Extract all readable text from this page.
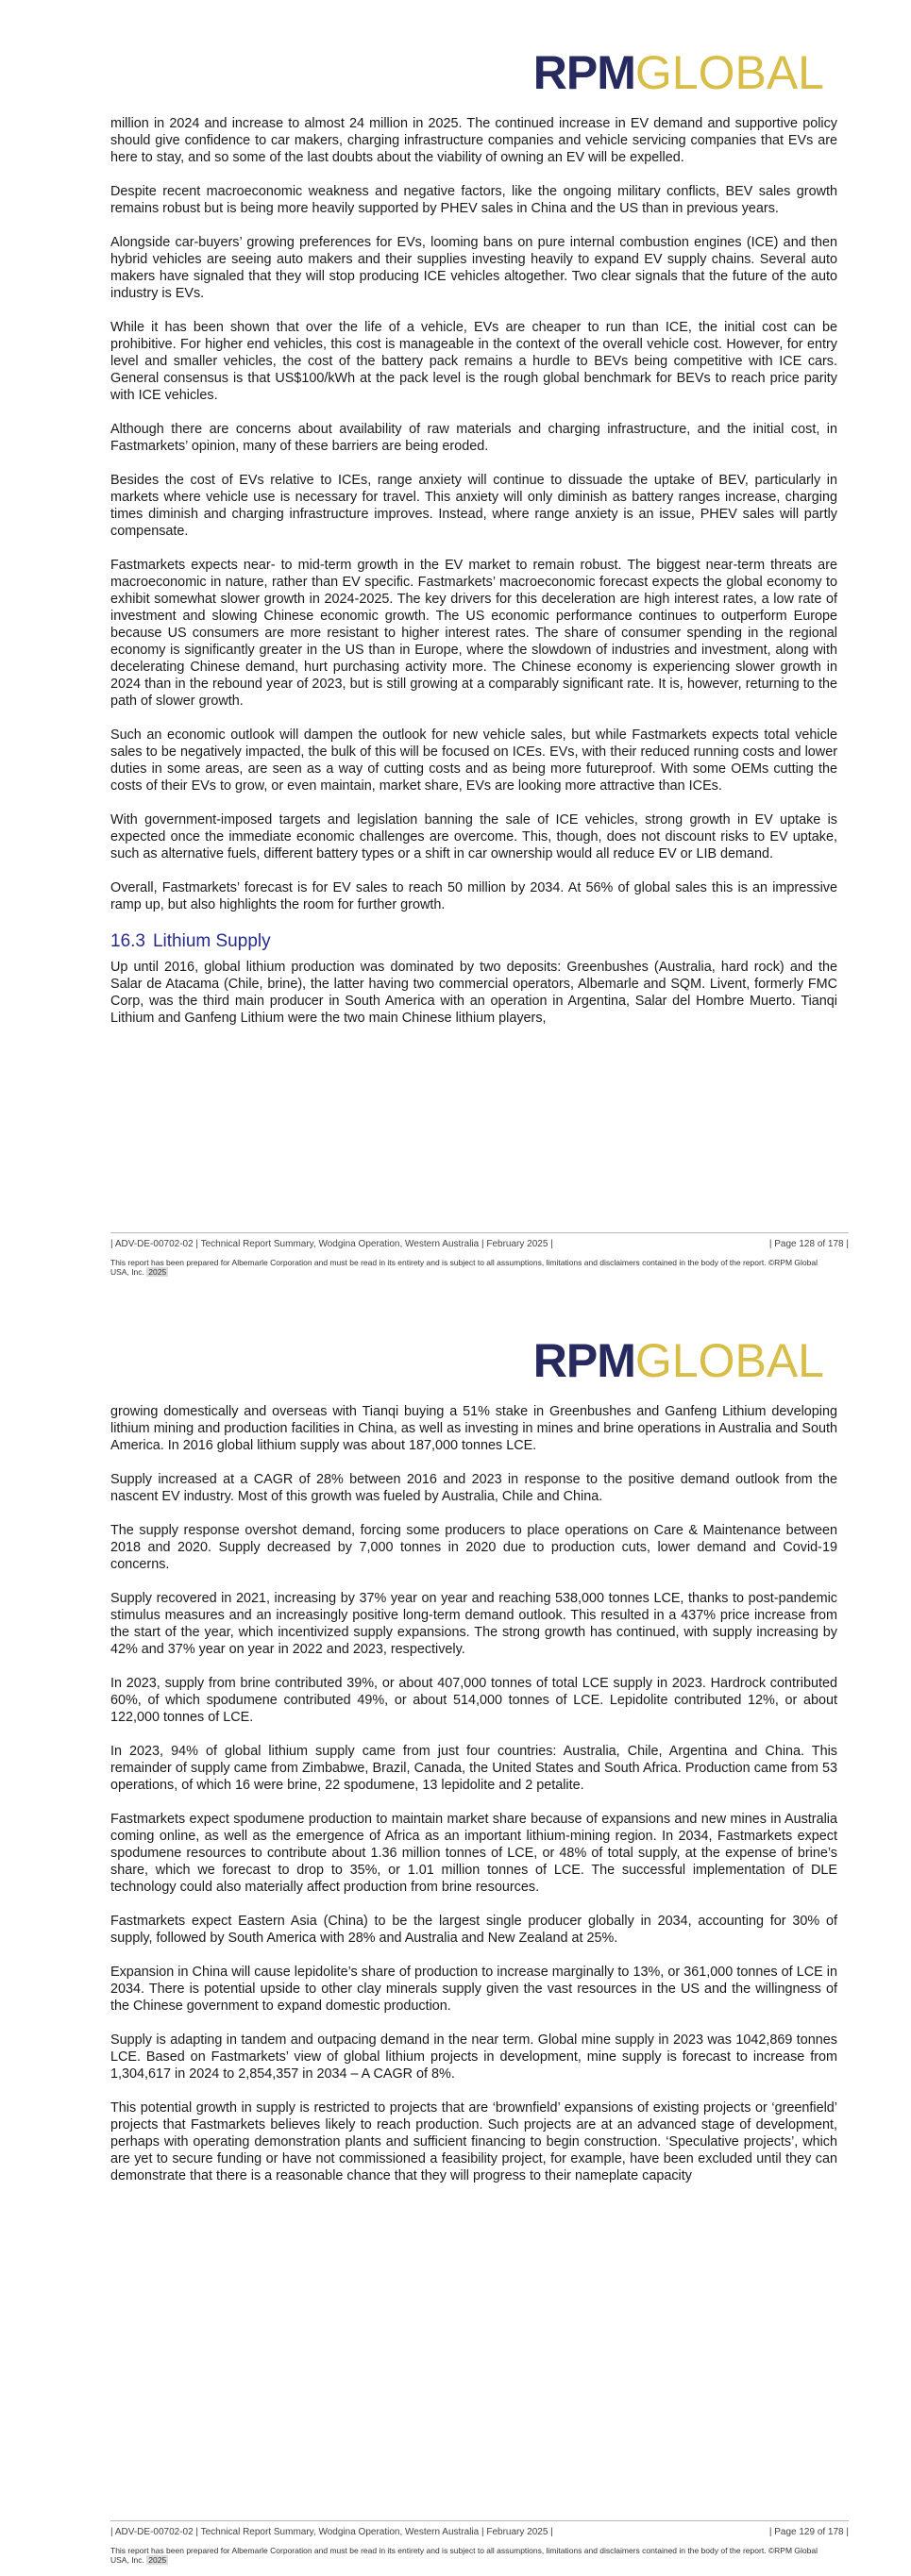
RPMGLOBAL

million in 2024 and increase to almost 24 million in 2025. The continued increase in EV demand and supportive policy should give confidence to car makers, charging infrastructure companies and vehicle servicing companies that EVs are here to stay, and so some of the last doubts about the viability of owning an EV will be expelled.

Despite recent macroeconomic weakness and negative factors, like the ongoing military conflicts, BEV sales growth remains robust but is being more heavily supported by PHEV sales in China and the US than in previous years.

Alongside car-buyers’ growing preferences for EVs, looming bans on pure internal combustion engines (ICE) and then hybrid vehicles are seeing auto makers and their supplies investing heavily to expand EV supply chains. Several auto makers have signaled that they will stop producing ICE vehicles altogether. Two clear signals that the future of the auto industry is EVs.

While it has been shown that over the life of a vehicle, EVs are cheaper to run than ICE, the initial cost can be prohibitive. For higher end vehicles, this cost is manageable in the context of the overall vehicle cost. However, for entry level and smaller vehicles, the cost of the battery pack remains a hurdle to BEVs being competitive with ICE cars. General consensus is that US$100/kWh at the pack level is the rough global benchmark for BEVs to reach price parity with ICE vehicles.

Although there are concerns about availability of raw materials and charging infrastructure, and the initial cost, in Fastmarkets’ opinion, many of these barriers are being eroded.

Besides the cost of EVs relative to ICEs, range anxiety will continue to dissuade the uptake of BEV, particularly in markets where vehicle use is necessary for travel. This anxiety will only diminish as battery ranges increase, charging times diminish and charging infrastructure improves. Instead, where range anxiety is an issue, PHEV sales will partly compensate.

Fastmarkets expects near- to mid-term growth in the EV market to remain robust. The biggest near-term threats are macroeconomic in nature, rather than EV specific. Fastmarkets’ macroeconomic forecast expects the global economy to exhibit somewhat slower growth in 2024-2025. The key drivers for this deceleration are high interest rates, a low rate of investment and slowing Chinese economic growth. The US economic performance continues to outperform Europe because US consumers are more resistant to higher interest rates. The share of consumer spending in the regional economy is significantly greater in the US than in Europe, where the slowdown of industries and investment, along with decelerating Chinese demand, hurt purchasing activity more. The Chinese economy is experiencing slower growth in 2024 than in the rebound year of 2023, but is still growing at a comparably significant rate. It is, however, returning to the path of slower growth.

Such an economic outlook will dampen the outlook for new vehicle sales, but while Fastmarkets expects total vehicle sales to be negatively impacted, the bulk of this will be focused on ICEs. EVs, with their reduced running costs and lower duties in some areas, are seen as a way of cutting costs and as being more futureproof. With some OEMs cutting the costs of their EVs to grow, or even maintain, market share, EVs are looking more attractive than ICEs.

With government-imposed targets and legislation banning the sale of ICE vehicles, strong growth in EV uptake is expected once the immediate economic challenges are overcome. This, though, does not discount risks to EV uptake, such as alternative fuels, different battery types or a shift in car ownership would all reduce EV or LIB demand.

Overall, Fastmarkets’ forecast is for EV sales to reach 50 million by 2034. At 56% of global sales this is an impressive ramp up, but also highlights the room for further growth.

16.3 Lithium Supply

Up until 2016, global lithium production was dominated by two deposits: Greenbushes (Australia, hard rock) and the Salar de Atacama (Chile, brine), the latter having two commercial operators, Albemarle and SQM. Livent, formerly FMC Corp, was the third main producer in South America with an operation in Argentina, Salar del Hombre Muerto. Tianqi Lithium and Ganfeng Lithium were the two main Chinese lithium players,

| ADV-DE-00702-02 | Technical Report Summary, Wodgina Operation, Western Australia | February 2025 |	| Page 128 of 178 |
This report has been prepared for Albemarle Corporation and must be read in its entirety and is subject to all assumptions, limitations and disclaimers contained in the body of the report. ©RPM Global USA, Inc. 2025
RPMGLOBAL

growing domestically and overseas with Tianqi buying a 51% stake in Greenbushes and Ganfeng Lithium developing lithium mining and production facilities in China, as well as investing in mines and brine operations in Australia and South America. In 2016 global lithium supply was about 187,000 tonnes LCE.

Supply increased at a CAGR of 28% between 2016 and 2023 in response to the positive demand outlook from the nascent EV industry. Most of this growth was fueled by Australia, Chile and China.

The supply response overshot demand, forcing some producers to place operations on Care & Maintenance between 2018 and 2020. Supply decreased by 7,000 tonnes in 2020 due to production cuts, lower demand and Covid-19 concerns.

Supply recovered in 2021, increasing by 37% year on year and reaching 538,000 tonnes LCE, thanks to post-pandemic stimulus measures and an increasingly positive long-term demand outlook. This resulted in a 437% price increase from the start of the year, which incentivized supply expansions. The strong growth has continued, with supply increasing by 42% and 37% year on year in 2022 and 2023, respectively.

In 2023, supply from brine contributed 39%, or about 407,000 tonnes of total LCE supply in 2023. Hardrock contributed 60%, of which spodumene contributed 49%, or about 514,000 tonnes of LCE. Lepidolite contributed 12%, or about 122,000 tonnes of LCE.

In 2023, 94% of global lithium supply came from just four countries: Australia, Chile, Argentina and China. This remainder of supply came from Zimbabwe, Brazil, Canada, the United States and South Africa. Production came from 53 operations, of which 16 were brine, 22 spodumene, 13 lepidolite and 2 petalite.

Fastmarkets expect spodumene production to maintain market share because of expansions and new mines in Australia coming online, as well as the emergence of Africa as an important lithium-mining region. In 2034, Fastmarkets expect spodumene resources to contribute about 1.36 million tonnes of LCE, or 48% of total supply, at the expense of brine’s share, which we forecast to drop to 35%, or 1.01 million tonnes of LCE. The successful implementation of DLE technology could also materially affect production from brine resources.

Fastmarkets expect Eastern Asia (China) to be the largest single producer globally in 2034, accounting for 30% of supply, followed by South America with 28% and Australia and New Zealand at 25%.

Expansion in China will cause lepidolite’s share of production to increase marginally to 13%, or 361,000 tonnes of LCE in 2034. There is potential upside to other clay minerals supply given the vast resources in the US and the willingness of the Chinese government to expand domestic production.

Supply is adapting in tandem and outpacing demand in the near term. Global mine supply in 2023 was 1042,869 tonnes LCE. Based on Fastmarkets’ view of global lithium projects in development, mine supply is forecast to increase from 1,304,617 in 2024 to 2,854,357 in 2034 – A CAGR of 8%.

This potential growth in supply is restricted to projects that are ‘brownfield’ expansions of existing projects or ‘greenfield’ projects that Fastmarkets believes likely to reach production. Such projects are at an advanced stage of development, perhaps with operating demonstration plants and sufficient financing to begin construction. ‘Speculative projects’, which are yet to secure funding or have not commissioned a feasibility project, for example, have been excluded until they can demonstrate that there is a reasonable chance that they will progress to their nameplate capacity

| ADV-DE-00702-02 | Technical Report Summary, Wodgina Operation, Western Australia | February 2025 |	| Page 129 of 178 |
This report has been prepared for Albemarle Corporation and must be read in its entirety and is subject to all assumptions, limitations and disclaimers contained in the body of the report. ©RPM Global USA, Inc. 2025
